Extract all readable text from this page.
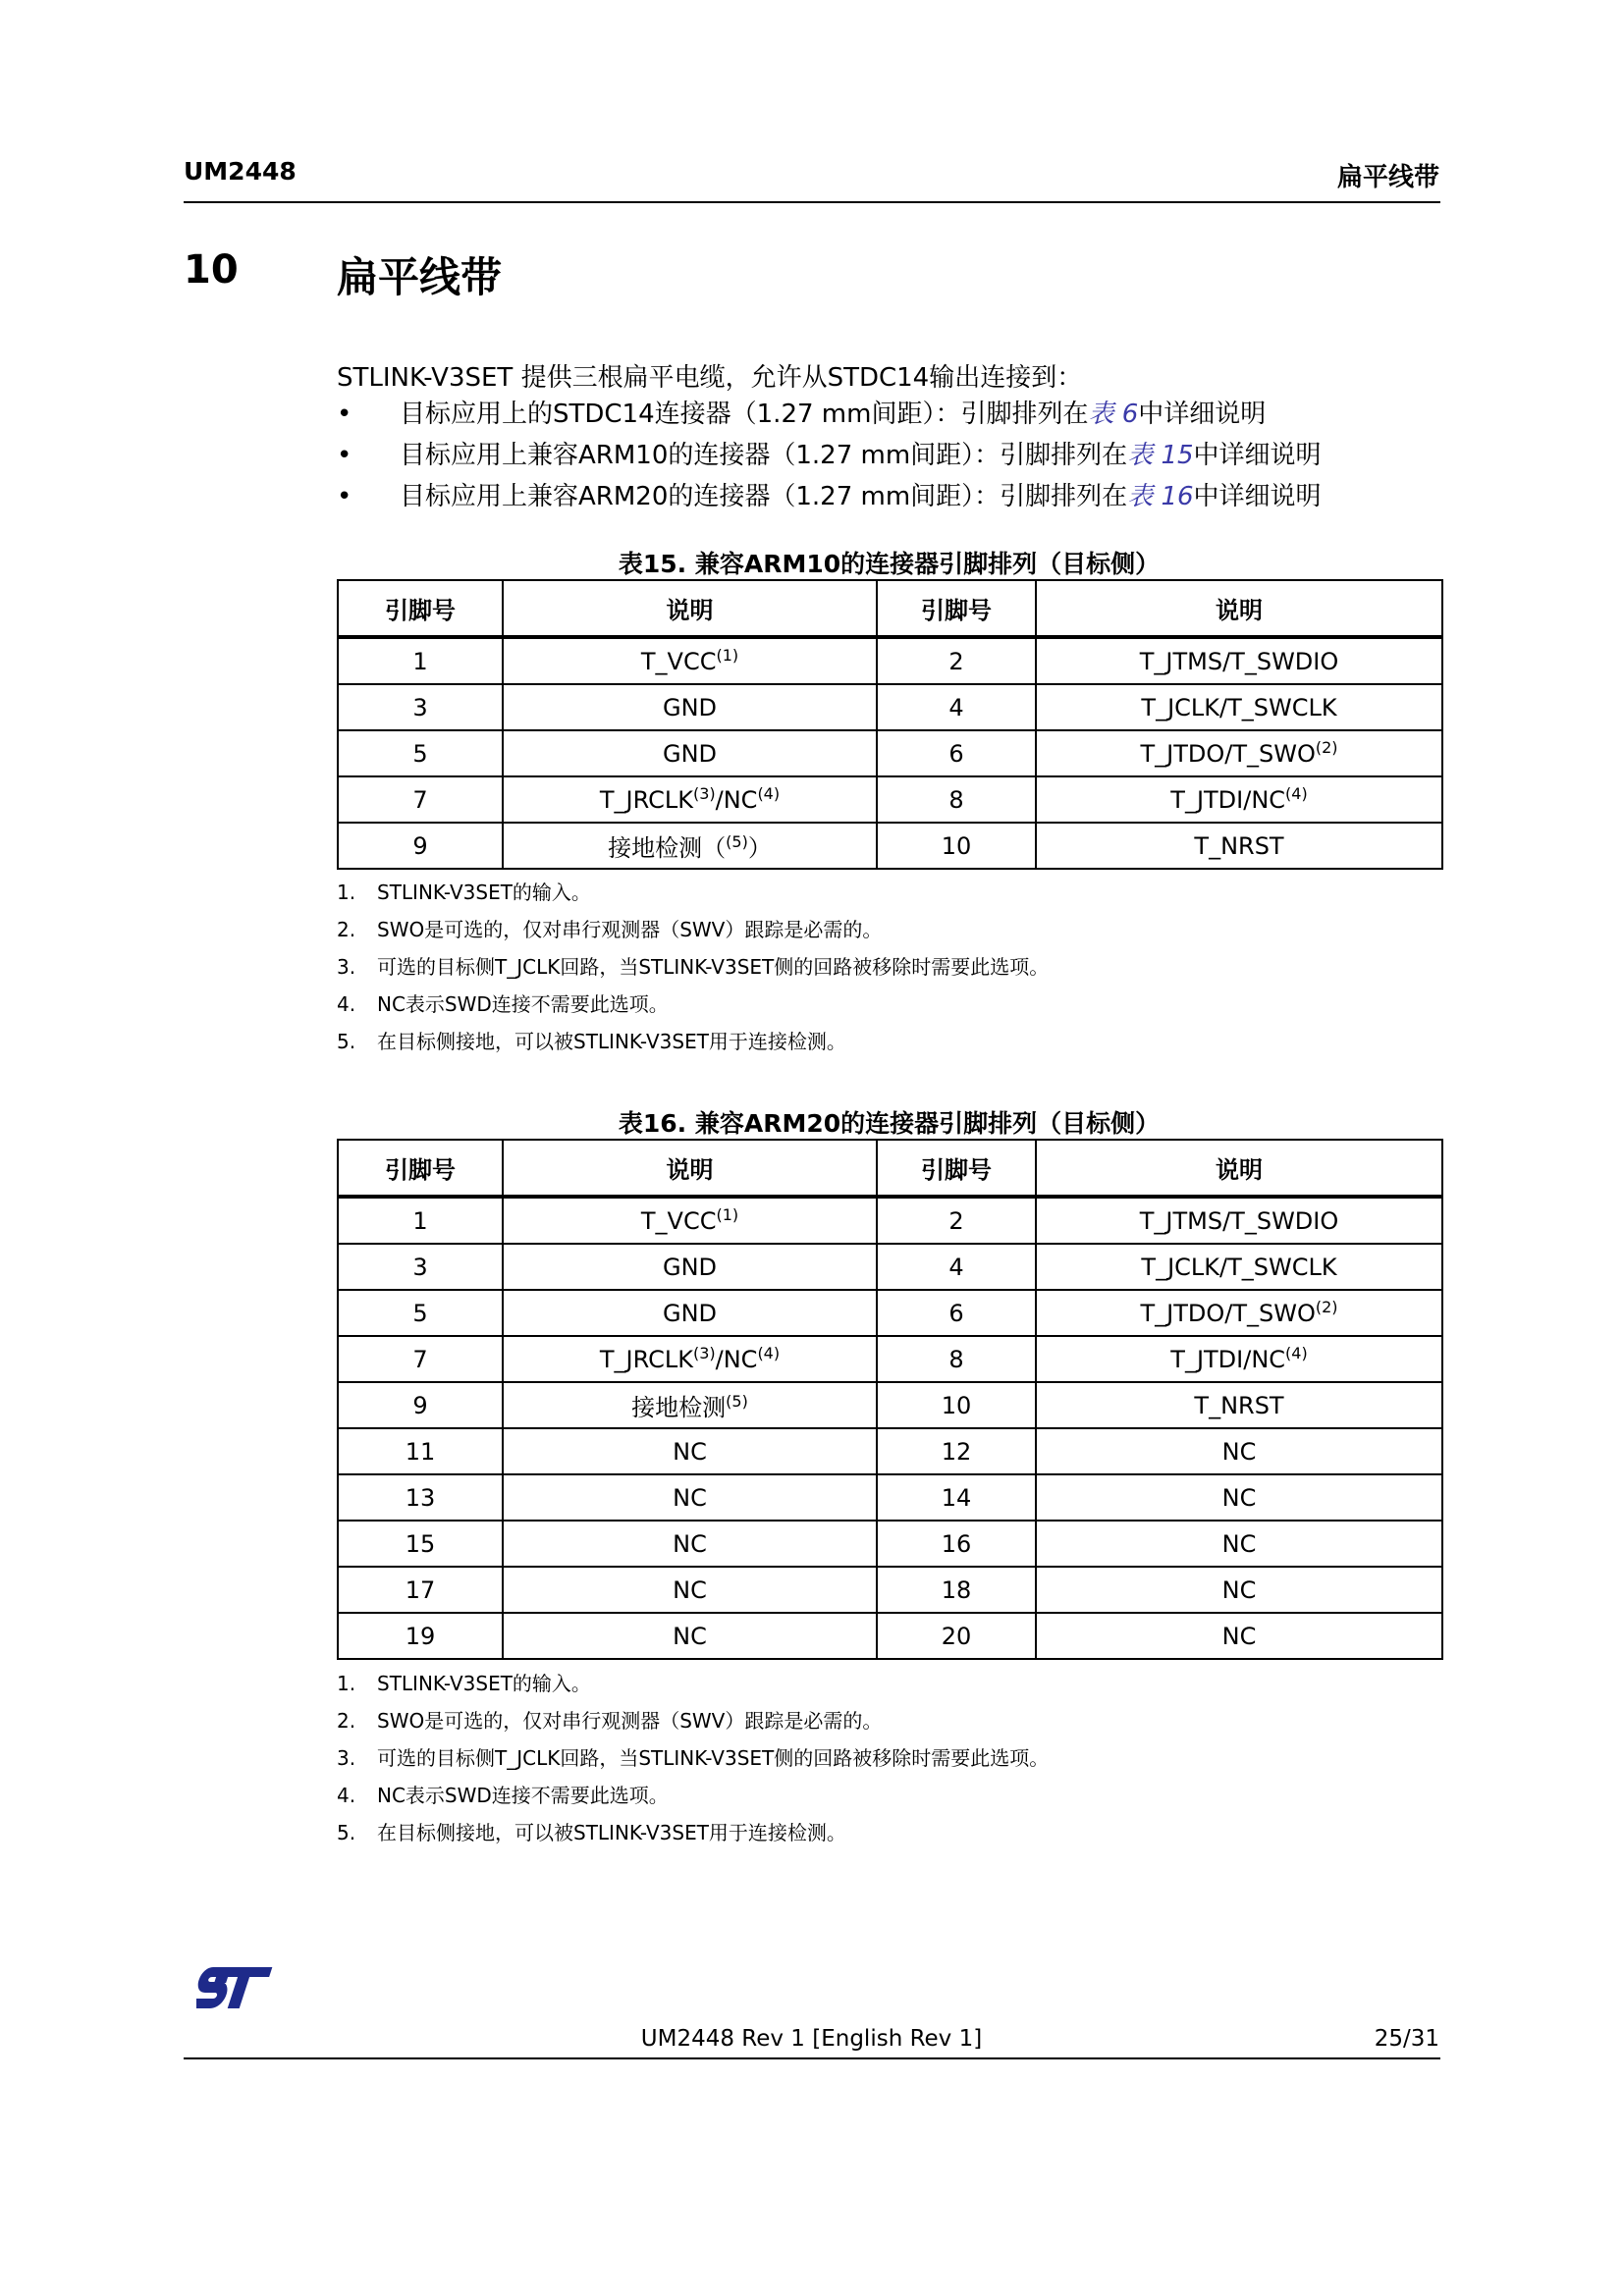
UM2448	扁平线带
10 扁平线带
STLINK-V3SET 提供三根扁平电缆，允许从STDC14输出连接到：
• 目标应用上的STDC14连接器（1.27 mm间距）：引脚排列在表 6中详细说明
• 目标应用上兼容ARM10的连接器（1.27 mm间距）：引脚排列在表 15中详细说明
• 目标应用上兼容ARM20的连接器（1.27 mm间距）：引脚排列在表 16中详细说明
表15. 兼容ARM10的连接器引脚排列（目标侧）
引脚号	说明	引脚号	说明
1	T_VCC$^{(1)}$	2	T_JTMS/T_SWDIO
3	GND	4	T_JCLK/T_SWCLK
5	GND	6	T_JTDO/T_SWO$^{(2)}$
7	T_JRCLK$^{(3)}$/NC$^{(4)}$	8	T_JTDI/NC$^{(4)}$
9	接地检测（$^{(5)}$）	10	T_NRST
1. STLINK-V3SET的输入。
2. SWO是可选的，仅对串行观测器（SWV）跟踪是必需的。
3. 可选的目标侧T_JCLK回路，当STLINK-V3SET侧的回路被移除时需要此选项。
4. NC表示SWD连接不需要此选项。
5. 在目标侧接地，可以被STLINK-V3SET用于连接检测。
表16. 兼容ARM20的连接器引脚排列（目标侧）
引脚号	说明	引脚号	说明
1	T_VCC$^{(1)}$	2	T_JTMS/T_SWDIO
3	GND	4	T_JCLK/T_SWCLK
5	GND	6	T_JTDO/T_SWO$^{(2)}$
7	T_JRCLK$^{(3)}$/NC$^{(4)}$	8	T_JTDI/NC$^{(4)}$
9	接地检测$^{(5)}$	10	T_NRST
11	NC	12	NC
13	NC	14	NC
15	NC	16	NC
17	NC	18	NC
19	NC	20	NC
1. STLINK-V3SET的输入。
2. SWO是可选的，仅对串行观测器（SWV）跟踪是必需的。
3. 可选的目标侧T_JCLK回路，当STLINK-V3SET侧的回路被移除时需要此选项。
4. NC表示SWD连接不需要此选项。
5. 在目标侧接地，可以被STLINK-V3SET用于连接检测。
UM2448 Rev 1 [English Rev 1]	25/31
